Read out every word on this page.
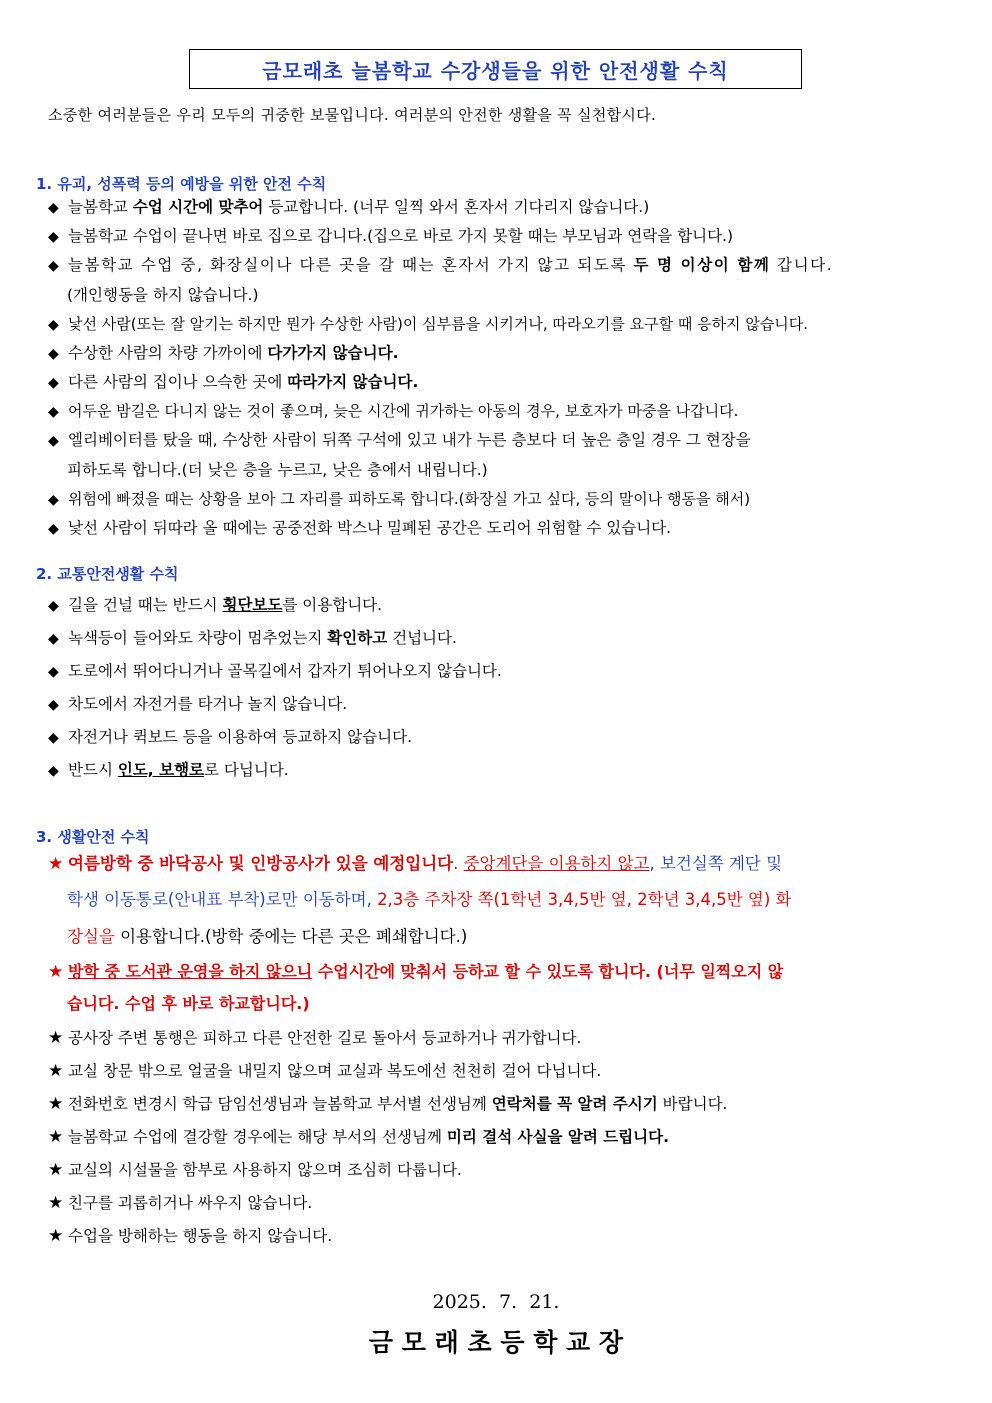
금모래초 늘봄학교 수강생들을 위한 안전생활 수칙
소중한 여러분들은 우리 모두의 귀중한 보물입니다. 여러분의 안전한 생활을 꼭 실천합시다.
1. 유괴, 성폭력 등의 예방을 위한 안전 수칙
◆ 늘봄학교 수업 시간에 맞추어 등교합니다. (너무 일찍 와서 혼자서 기다리지 않습니다.)
◆ 늘봄학교 수업이 끝나면 바로 집으로 갑니다.(집으로 바로 가지 못할 때는 부모님과 연락을 합니다.)
◆ 늘봄학교 수업 중, 화장실이나 다른 곳을 갈 때는 혼자서 가지 않고 되도록 두 명 이상이 함께 갑니다.
(개인행동을 하지 않습니다.)
◆ 낯선 사람(또는 잘 알기는 하지만 뭔가 수상한 사람)이 심부름을 시키거나, 따라오기를 요구할 때 응하지 않습니다.
◆ 수상한 사람의 차량 가까이에 다가가지 않습니다.
◆ 다른 사람의 집이나 으슥한 곳에 따라가지 않습니다.
◆ 어두운 밤길은 다니지 않는 것이 좋으며, 늦은 시간에 귀가하는 아동의 경우, 보호자가 마중을 나갑니다.
◆ 엘리베이터를 탔을 때, 수상한 사람이 뒤쪽 구석에 있고 내가 누른 층보다 더 높은 층일 경우 그 현장을
피하도록 합니다.(더 낮은 층을 누르고, 낮은 층에서 내립니다.)
◆ 위험에 빠졌을 때는 상황을 보아 그 자리를 피하도록 합니다.(화장실 가고 싶다, 등의 말이나 행동을 해서)
◆ 낯선 사람이 뒤따라 올 때에는 공중전화 박스나 밀폐된 공간은 도리어 위험할 수 있습니다.
2. 교통안전생활 수칙
◆ 길을 건널 때는 반드시 횡단보도를 이용합니다.
◆ 녹색등이 들어와도 차량이 멈추었는지 확인하고 건넙니다.
◆ 도로에서 뛰어다니거나 골목길에서 갑자기 튀어나오지 않습니다.
◆ 차도에서 자전거를 타거나 놀지 않습니다.
◆ 자전거나 퀵보드 등을 이용하여 등교하지 않습니다.
◆ 반드시 인도, 보행로로 다닙니다.
3. 생활안전 수칙
★ 여름방학 중 바닥공사 및 인방공사가 있을 예정입니다. 중앙계단을 이용하지 않고, 보건실쪽 계단 및
학생 이동통로(안내표 부착)로만 이동하며, 2,3층 주차장 쪽(1학년 3,4,5반 옆, 2학년 3,4,5반 옆) 화
장실을 이용합니다.(방학 중에는 다른 곳은 폐쇄합니다.)
★ 방학 중 도서관 운영을 하지 않으니 수업시간에 맞춰서 등하교 할 수 있도록 합니다. (너무 일찍오지 않
습니다. 수업 후 바로 하교합니다.)
★ 공사장 주변 통행은 피하고 다른 안전한 길로 돌아서 등교하거나 귀가합니다.
★ 교실 창문 밖으로 얼굴을 내밀지 않으며 교실과 복도에선 천천히 걸어 다닙니다.
★ 전화번호 변경시 학급 담임선생님과 늘봄학교 부서별 선생님께 연락처를 꼭 알려 주시기 바랍니다.
★ 늘봄학교 수업에 결강할 경우에는 해당 부서의 선생님께 미리 결석 사실을 알려 드립니다.
★ 교실의 시설물을 함부로 사용하지 않으며 조심히 다룹니다.
★ 친구를 괴롭히거나 싸우지 않습니다.
★ 수업을 방해하는 행동을 하지 않습니다.
2025.  7.  21.
금 모 래 초 등 학 교 장
